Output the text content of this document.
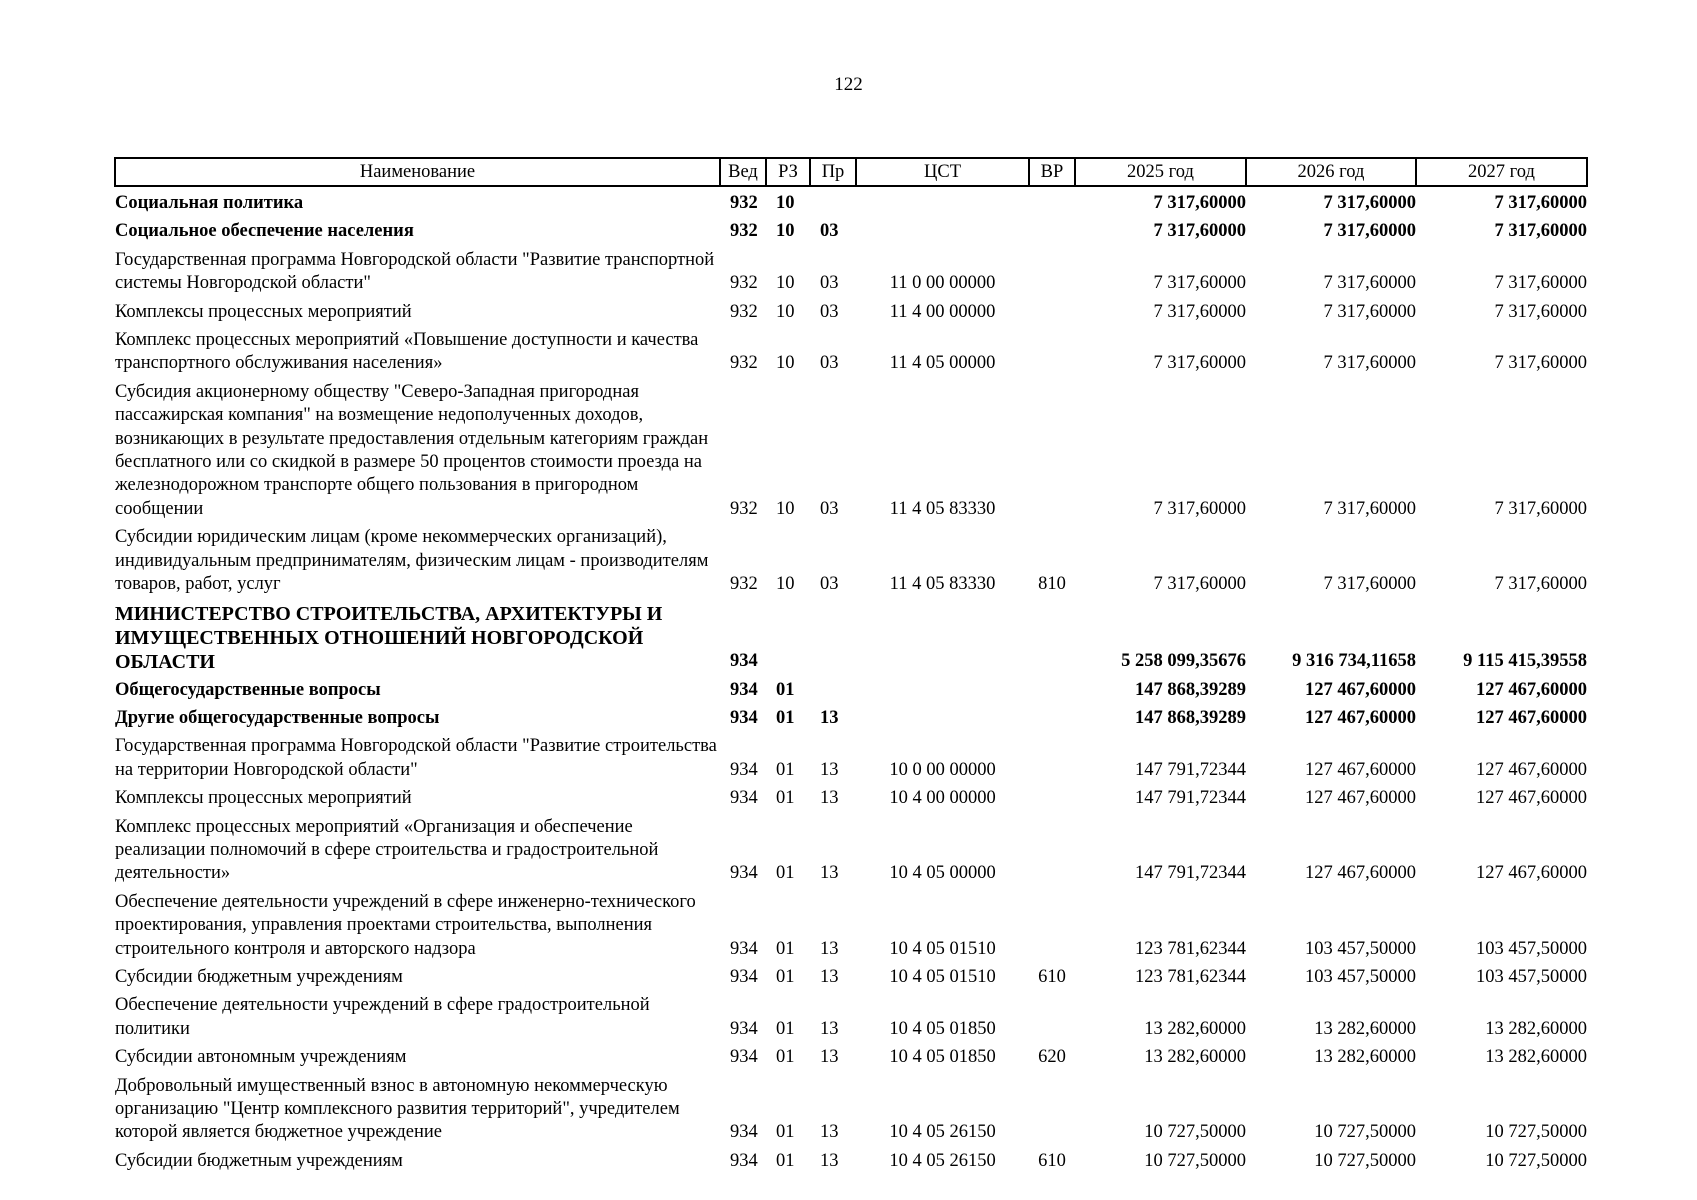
122
Наименование	Вед	РЗ	Пр	ЦСТ	ВР	2025 год	2026 год	2027 год
Социальная политика	932	10				7 317,60000	7 317,60000	7 317,60000
Социальное обеспечение населения	932	10	03			7 317,60000	7 317,60000	7 317,60000
Государственная программа Новгородской области "Развитие транспортной системы Новгородской области"	932	10	03	11 0 00 00000		7 317,60000	7 317,60000	7 317,60000
Комплексы процессных мероприятий	932	10	03	11 4 00 00000		7 317,60000	7 317,60000	7 317,60000
Комплекс процессных мероприятий «Повышение доступности и качества транспортного обслуживания населения»	932	10	03	11 4 05 00000		7 317,60000	7 317,60000	7 317,60000
Субсидия акционерному обществу "Северо-Западная пригородная пассажирская компания" на возмещение недополученных доходов, возникающих в результате предоставления отдельным категориям граждан бесплатного или со скидкой в размере 50 процентов стоимости проезда на железнодорожном транспорте общего пользования в пригородном сообщении	932	10	03	11 4 05 83330		7 317,60000	7 317,60000	7 317,60000
Субсидии юридическим лицам (кроме некоммерческих организаций), индивидуальным предпринимателям, физическим лицам - производителям товаров, работ, услуг	932	10	03	11 4 05 83330	810	7 317,60000	7 317,60000	7 317,60000
МИНИСТЕРСТВО СТРОИТЕЛЬСТВА, АРХИТЕКТУРЫ И ИМУЩЕСТВЕННЫХ ОТНОШЕНИЙ НОВГОРОДСКОЙ ОБЛАСТИ	934					5 258 099,35676	9 316 734,11658	9 115 415,39558
Общегосударственные вопросы	934	01				147 868,39289	127 467,60000	127 467,60000
Другие общегосударственные вопросы	934	01	13			147 868,39289	127 467,60000	127 467,60000
Государственная программа Новгородской области "Развитие строительства на территории Новгородской области"	934	01	13	10 0 00 00000		147 791,72344	127 467,60000	127 467,60000
Комплексы процессных мероприятий	934	01	13	10 4 00 00000		147 791,72344	127 467,60000	127 467,60000
Комплекс процессных мероприятий «Организация и обеспечение реализации полномочий в сфере строительства и градостроительной деятельности»	934	01	13	10 4 05 00000		147 791,72344	127 467,60000	127 467,60000
Обеспечение деятельности учреждений в сфере инженерно-технического проектирования, управления проектами строительства, выполнения строительного контроля и авторского надзора	934	01	13	10 4 05 01510		123 781,62344	103 457,50000	103 457,50000
Субсидии бюджетным учреждениям	934	01	13	10 4 05 01510	610	123 781,62344	103 457,50000	103 457,50000
Обеспечение деятельности учреждений в сфере градостроительной политики	934	01	13	10 4 05 01850		13 282,60000	13 282,60000	13 282,60000
Субсидии автономным учреждениям	934	01	13	10 4 05 01850	620	13 282,60000	13 282,60000	13 282,60000
Добровольный имущественный взнос в автономную некоммерческую организацию "Центр комплексного развития территорий", учредителем которой является бюджетное учреждение	934	01	13	10 4 05 26150		10 727,50000	10 727,50000	10 727,50000
Субсидии бюджетным учреждениям	934	01	13	10 4 05 26150	610	10 727,50000	10 727,50000	10 727,50000
